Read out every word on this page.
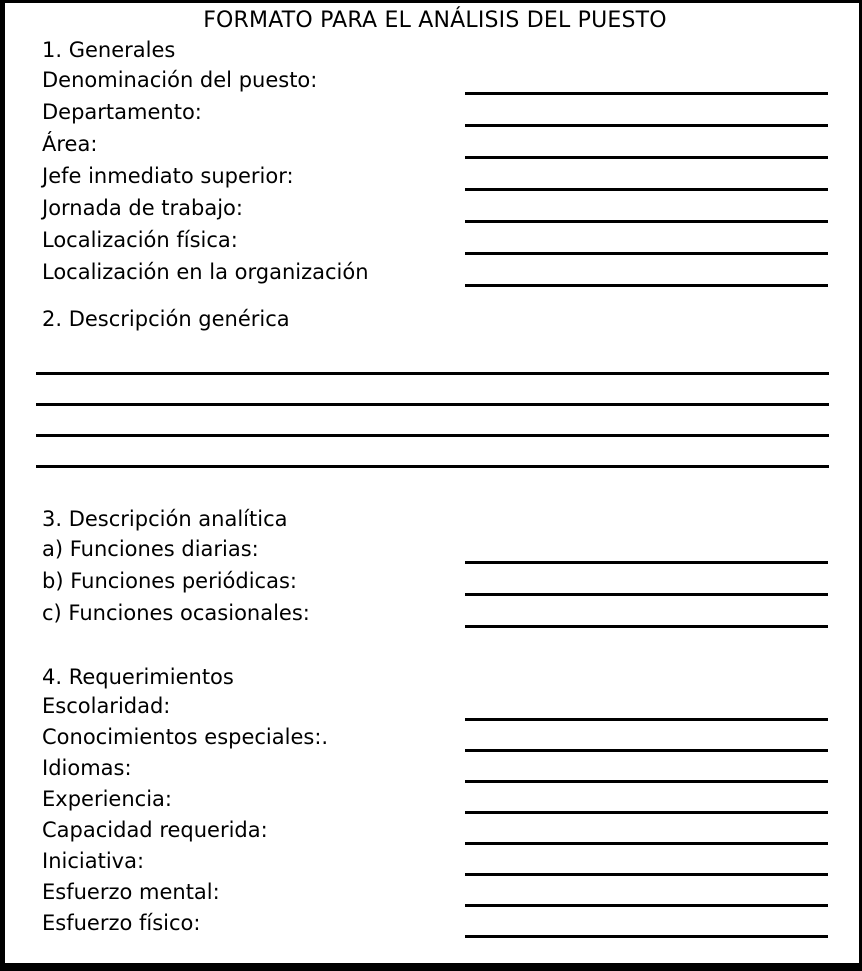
FORMATO PARA EL ANÁLISIS DEL PUESTO
1. Generales
Denominación del puesto:
Departamento:
Área:
Jefe inmediato superior:
Jornada de trabajo:
Localización física:
Localización en la organización
2. Descripción genérica
3. Descripción analítica
a) Funciones diarias:
b) Funciones periódicas:
c) Funciones ocasionales:
4. Requerimientos
Escolaridad:
Conocimientos especiales:.
Idiomas:
Experiencia:
Capacidad requerida:
Iniciativa:
Esfuerzo mental:
Esfuerzo físico:
